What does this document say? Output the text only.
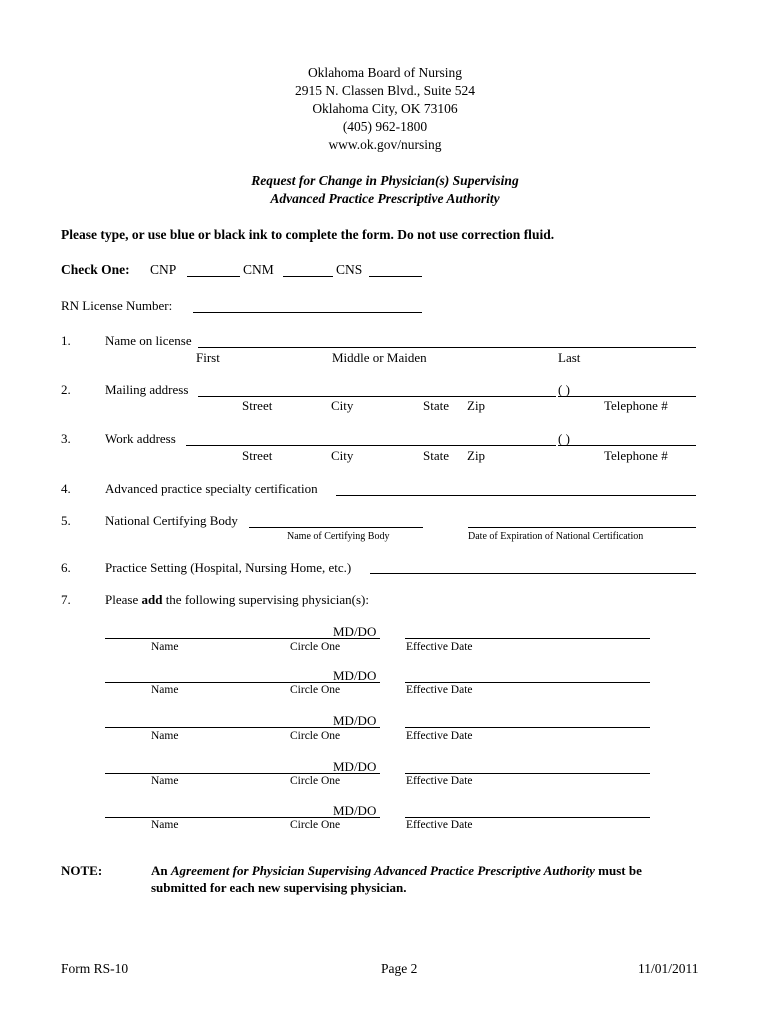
Oklahoma Board of Nursing
2915 N. Classen Blvd., Suite 524
Oklahoma City, OK 73106
(405) 962-1800
www.ok.gov/nursing
Request for Change in Physician(s) Supervising
Advanced Practice Prescriptive Authority
Please type, or use blue or black ink to complete the form. Do not use correction fluid.
Check One: CNP	CNM	CNS
RN License Number:
1.	Name on license
First	Middle or Maiden	Last
2.	Mailing address	( )
Street	City	State Zip	Telephone #
3.	Work address	( )
Street	City	State Zip	Telephone #
4.	Advanced practice specialty certification
5.	National Certifying Body
Name of Certifying Body	Date of Expiration of National Certification
6.	Practice Setting (Hospital, Nursing Home, etc.)
7.	Please add the following supervising physician(s):
MD/DO
Name	Circle One	Effective Date
MD/DO
Name	Circle One	Effective Date
MD/DO
Name	Circle One	Effective Date
MD/DO
Name	Circle One	Effective Date
MD/DO
Name	Circle One	Effective Date
NOTE:	An Agreement for Physician Supervising Advanced Practice Prescriptive Authority must be
submitted for each new supervising physician.
Form RS-10	Page 2	11/01/2011
